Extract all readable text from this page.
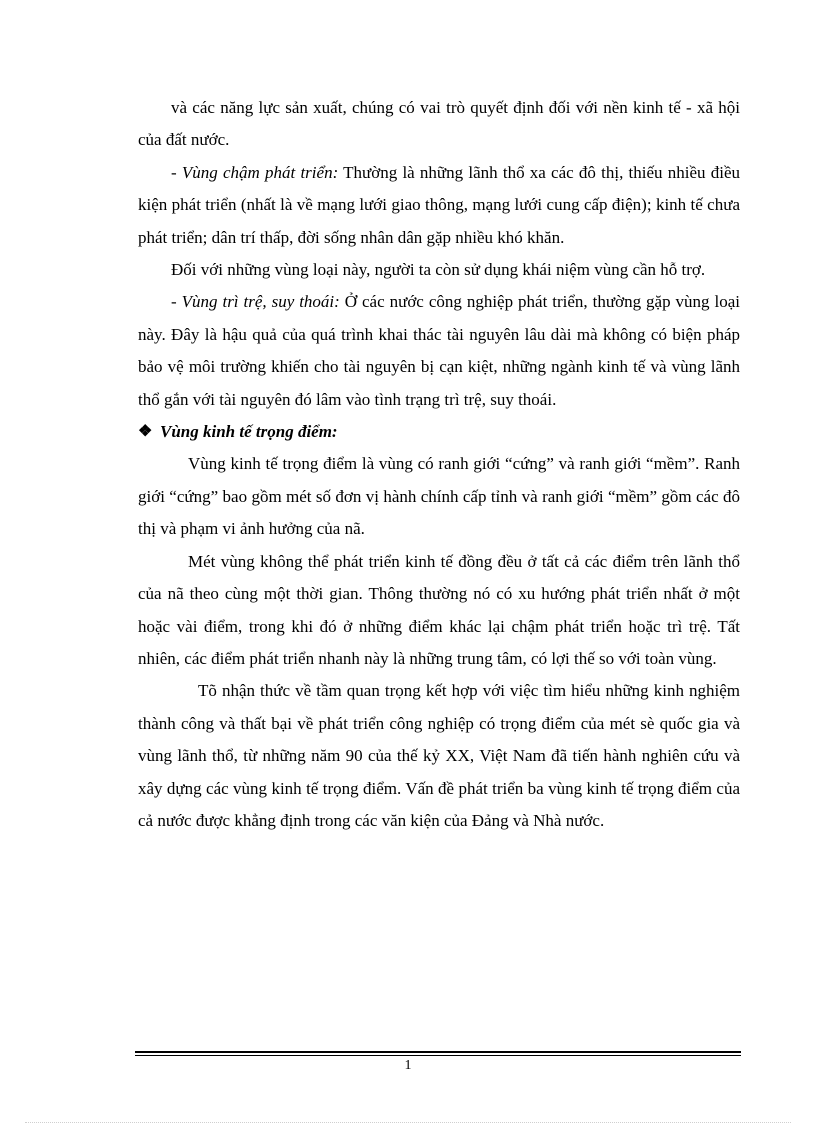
và các năng lực sản xuất, chúng có vai trò quyết định đối với nền kinh tế - xã hội của đất nước.

- Vùng chậm phát triển: Thường là những lãnh thổ xa các đô thị, thiếu nhiều điều kiện phát triển (nhất là về mạng lưới giao thông, mạng lưới cung cấp điện); kinh tế chưa phát triển; dân trí thấp, đời sống nhân dân gặp nhiều khó khăn.

Đối với những vùng loại này, người ta còn sử dụng khái niệm vùng cần hỗ trợ.

- Vùng trì trệ, suy thoái: Ở các nước công nghiệp phát triển, thường gặp vùng loại này. Đây là hậu quả của quá trình khai thác tài nguyên lâu dài mà không có biện pháp bảo vệ môi trường khiến cho tài nguyên bị cạn kiệt, những ngành kinh tế và vùng lãnh thổ gắn với tài nguyên đó lâm vào tình trạng trì trệ, suy thoái.

❖ Vùng kinh tế trọng điểm:

Vùng kinh tế trọng điểm là vùng có ranh giới “cứng” và ranh giới “mềm”. Ranh giới “cứng” bao gồm mét số đơn vị hành chính cấp tỉnh và ranh giới “mềm” gồm các đô thị và phạm vi ảnh hưởng của nã.

Mét vùng không thể phát triển kinh tế đồng đều ở tất cả các điểm trên lãnh thổ của nã theo cùng một thời gian. Thông thường nó có xu hướng phát triển nhất ở một hoặc vài điểm, trong khi đó ở những điểm khác lại chậm phát triển hoặc trì trệ. Tất nhiên, các điểm phát triển nhanh này là những trung tâm, có lợi thế so với toàn vùng.

Tõ nhận thức về tầm quan trọng kết hợp với việc tìm hiểu những kinh nghiệm thành công và thất bại về phát triển công nghiệp có trọng điểm của mét sè quốc gia và vùng lãnh thổ, từ những năm 90 của thế kỷ XX, Việt Nam đã tiến hành nghiên cứu và xây dựng các vùng kinh tế trọng điểm. Vấn đề phát triển ba vùng kinh tế trọng điểm của cả nước được khẳng định trong các văn kiện của Đảng và Nhà nước.

1
